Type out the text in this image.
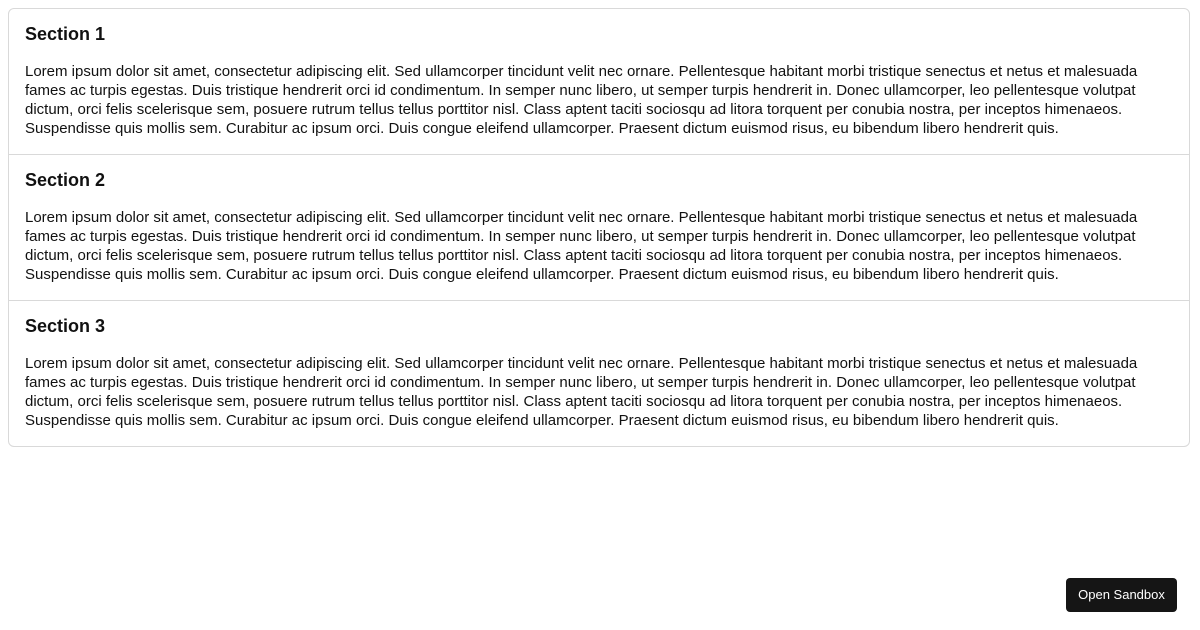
Section 1

Lorem ipsum dolor sit amet, consectetur adipiscing elit. Sed ullamcorper tincidunt velit nec ornare. Pellentesque habitant morbi tristique senectus et netus et malesuada fames ac turpis egestas. Duis tristique hendrerit orci id condimentum. In semper nunc libero, ut semper turpis hendrerit in. Donec ullamcorper, leo pellentesque volutpat dictum, orci felis scelerisque sem, posuere rutrum tellus tellus porttitor nisl. Class aptent taciti sociosqu ad litora torquent per conubia nostra, per inceptos himenaeos. Suspendisse quis mollis sem. Curabitur ac ipsum orci. Duis congue eleifend ullamcorper. Praesent dictum euismod risus, eu bibendum libero hendrerit quis.

Section 2

Lorem ipsum dolor sit amet, consectetur adipiscing elit. Sed ullamcorper tincidunt velit nec ornare. Pellentesque habitant morbi tristique senectus et netus et malesuada fames ac turpis egestas. Duis tristique hendrerit orci id condimentum. In semper nunc libero, ut semper turpis hendrerit in. Donec ullamcorper, leo pellentesque volutpat dictum, orci felis scelerisque sem, posuere rutrum tellus tellus porttitor nisl. Class aptent taciti sociosqu ad litora torquent per conubia nostra, per inceptos himenaeos. Suspendisse quis mollis sem. Curabitur ac ipsum orci. Duis congue eleifend ullamcorper. Praesent dictum euismod risus, eu bibendum libero hendrerit quis.

Section 3

Lorem ipsum dolor sit amet, consectetur adipiscing elit. Sed ullamcorper tincidunt velit nec ornare. Pellentesque habitant morbi tristique senectus et netus et malesuada fames ac turpis egestas. Duis tristique hendrerit orci id condimentum. In semper nunc libero, ut semper turpis hendrerit in. Donec ullamcorper, leo pellentesque volutpat dictum, orci felis scelerisque sem, posuere rutrum tellus tellus porttitor nisl. Class aptent taciti sociosqu ad litora torquent per conubia nostra, per inceptos himenaeos. Suspendisse quis mollis sem. Curabitur ac ipsum orci. Duis congue eleifend ullamcorper. Praesent dictum euismod risus, eu bibendum libero hendrerit quis.

Open Sandbox
